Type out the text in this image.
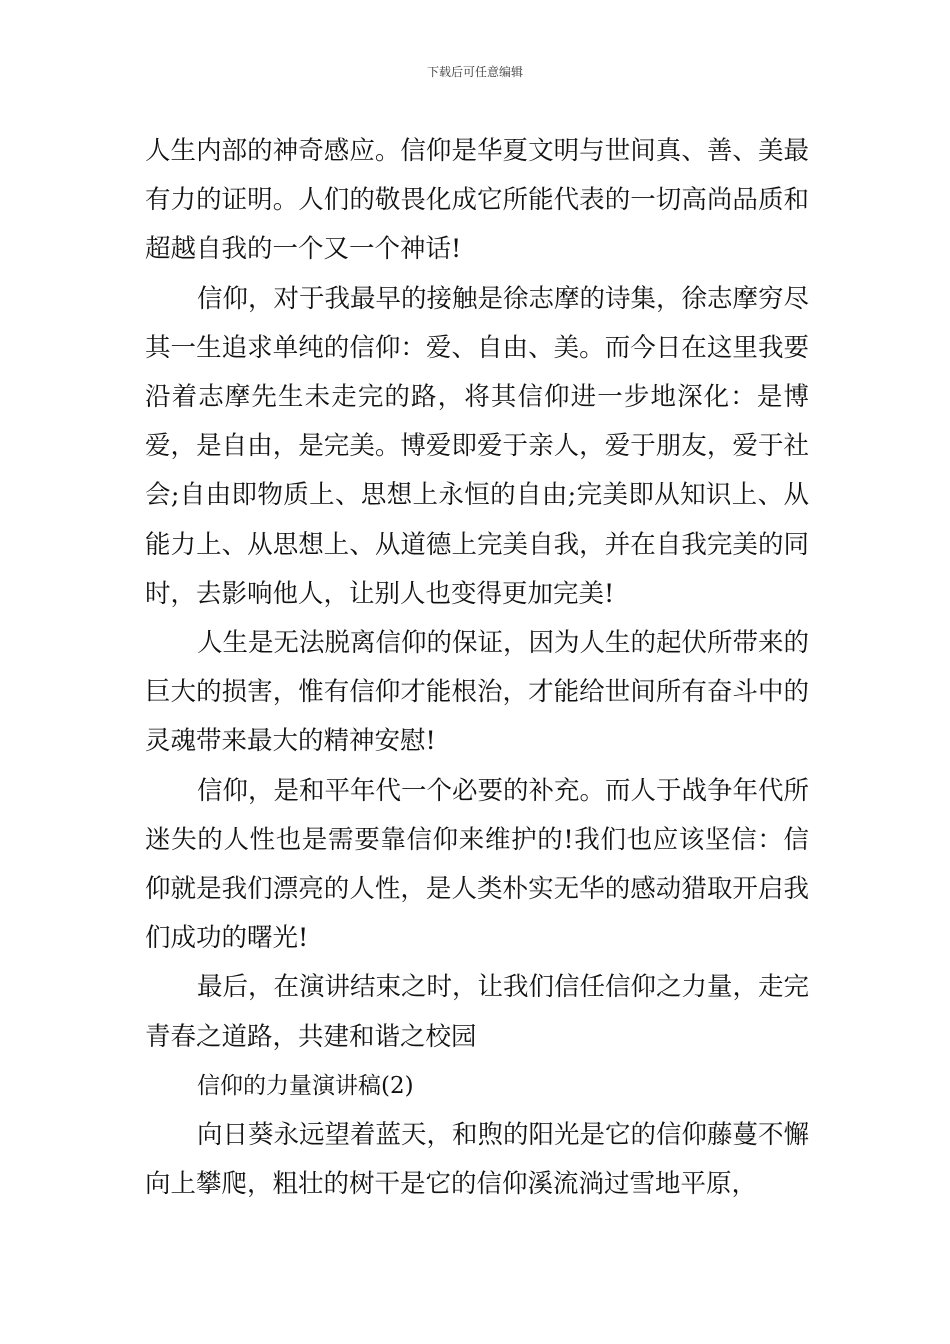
下载后可任意编辑

人生内部的神奇感应。信仰是华夏文明与世间真、善、美最有力的证明。人们的敬畏化成它所能代表的一切高尚品质和超越自我的一个又一个神话!

信仰，对于我最早的接触是徐志摩的诗集，徐志摩穷尽其一生追求单纯的信仰：爱、自由、美。而今日在这里我要沿着志摩先生未走完的路，将其信仰进一步地深化：是博爱，是自由，是完美。博爱即爱于亲人，爱于朋友，爱于社会;自由即物质上、思想上永恒的自由;完美即从知识上、从能力上、从思想上、从道德上完美自我，并在自我完美的同时，去影响他人，让别人也变得更加完美!

人生是无法脱离信仰的保证，因为人生的起伏所带来的巨大的损害，惟有信仰才能根治，才能给世间所有奋斗中的灵魂带来最大的精神安慰!

信仰，是和平年代一个必要的补充。而人于战争年代所迷失的人性也是需要靠信仰来维护的!我们也应该坚信：信仰就是我们漂亮的人性，是人类朴实无华的感动猎取开启我们成功的曙光!

最后，在演讲结束之时，让我们信任信仰之力量，走完青春之道路，共建和谐之校园

信仰的力量演讲稿(2)

向日葵永远望着蓝天，和煦的阳光是它的信仰藤蔓不懈向上攀爬，粗壮的树干是它的信仰溪流淌过雪地平原，
